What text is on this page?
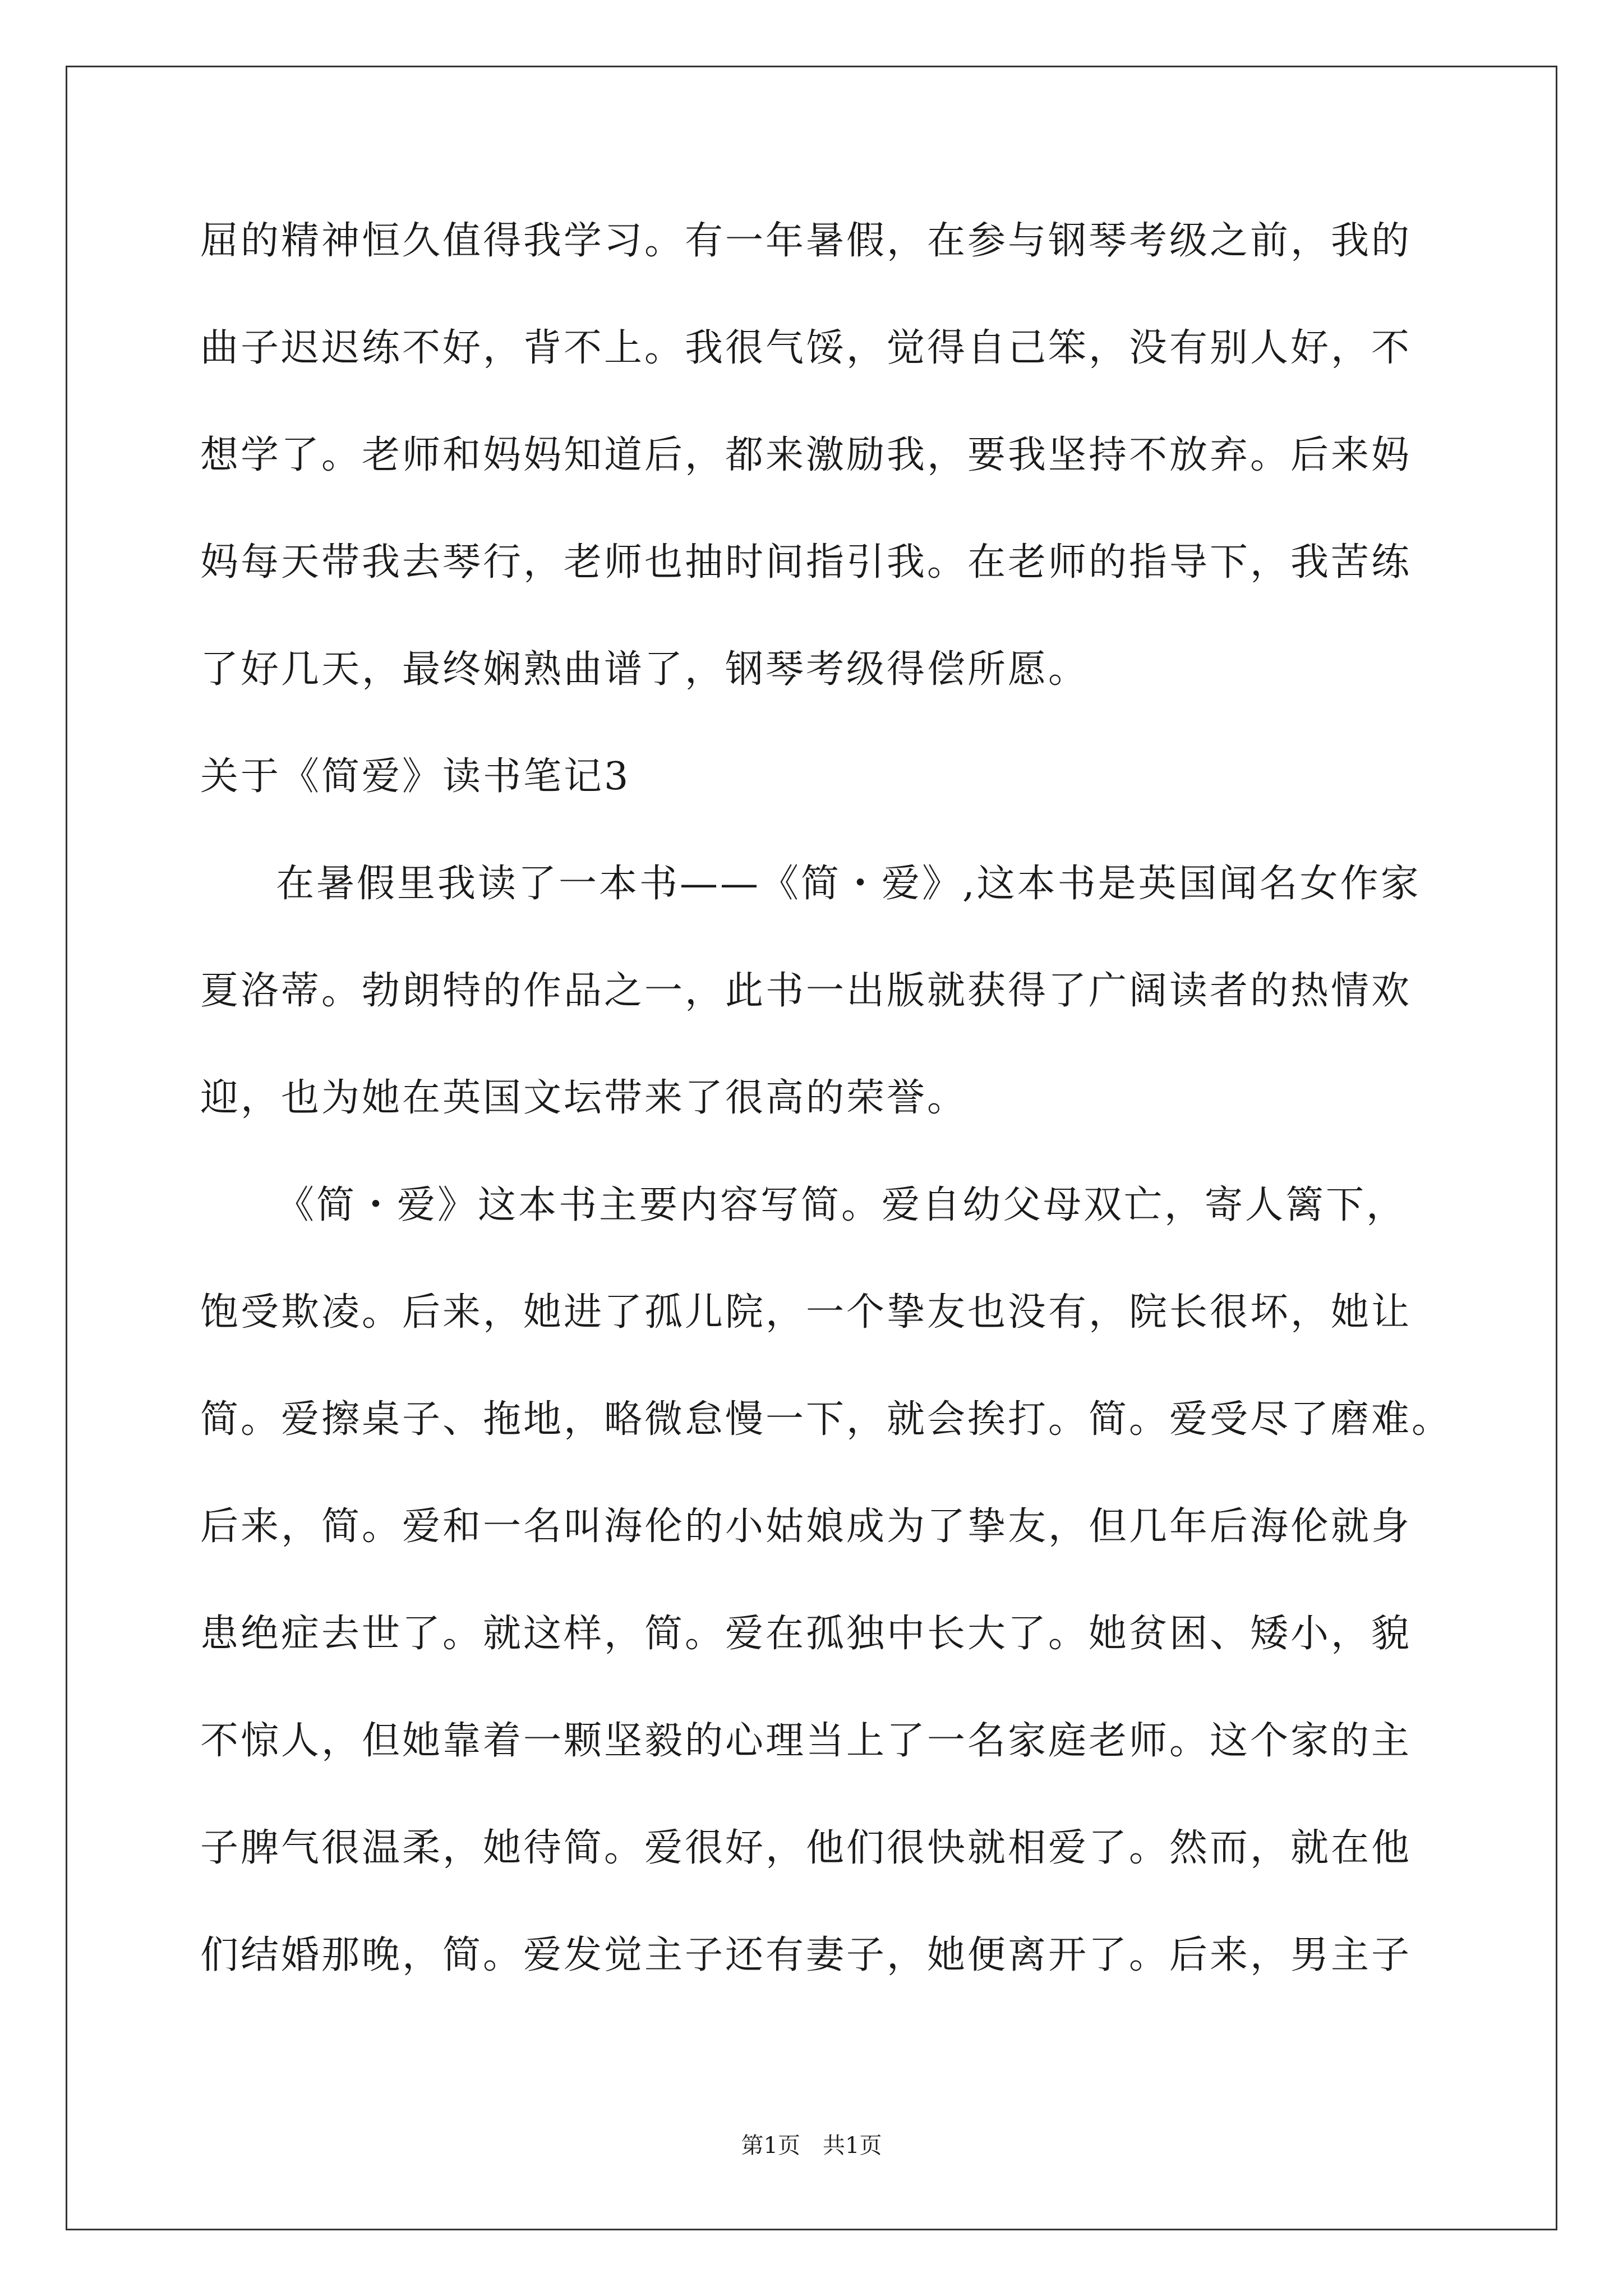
屈的精神恒久值得我学习。有一年暑假，在参与钢琴考级之前，我的
曲子迟迟练不好，背不上。我很气馁，觉得自己笨，没有别人好，不
想学了。老师和妈妈知道后，都来激励我，要我坚持不放弃。后来妈
妈每天带我去琴行，老师也抽时间指引我。在老师的指导下，我苦练
了好几天，最终娴熟曲谱了，钢琴考级得偿所愿。
关于《简爱》读书笔记3
在暑假里我读了一本书——《简・爱》,这本书是英国闻名女作家
夏洛蒂。勃朗特的作品之一，此书一出版就获得了广阔读者的热情欢
迎，也为她在英国文坛带来了很高的荣誉。
《简・爱》这本书主要内容写简。爱自幼父母双亡，寄人篱下，
饱受欺凌。后来，她进了孤儿院，一个挚友也没有，院长很坏，她让
简。爱擦桌子、拖地，略微怠慢一下，就会挨打。简。爱受尽了磨难。
后来，简。爱和一名叫海伦的小姑娘成为了挚友，但几年后海伦就身
患绝症去世了。就这样，简。爱在孤独中长大了。她贫困、矮小，貌
不惊人，但她靠着一颗坚毅的心理当上了一名家庭老师。这个家的主
子脾气很温柔，她待简。爱很好，他们很快就相爱了。然而，就在他
们结婚那晚，简。爱发觉主子还有妻子，她便离开了。后来，男主子
第1页　共1页
